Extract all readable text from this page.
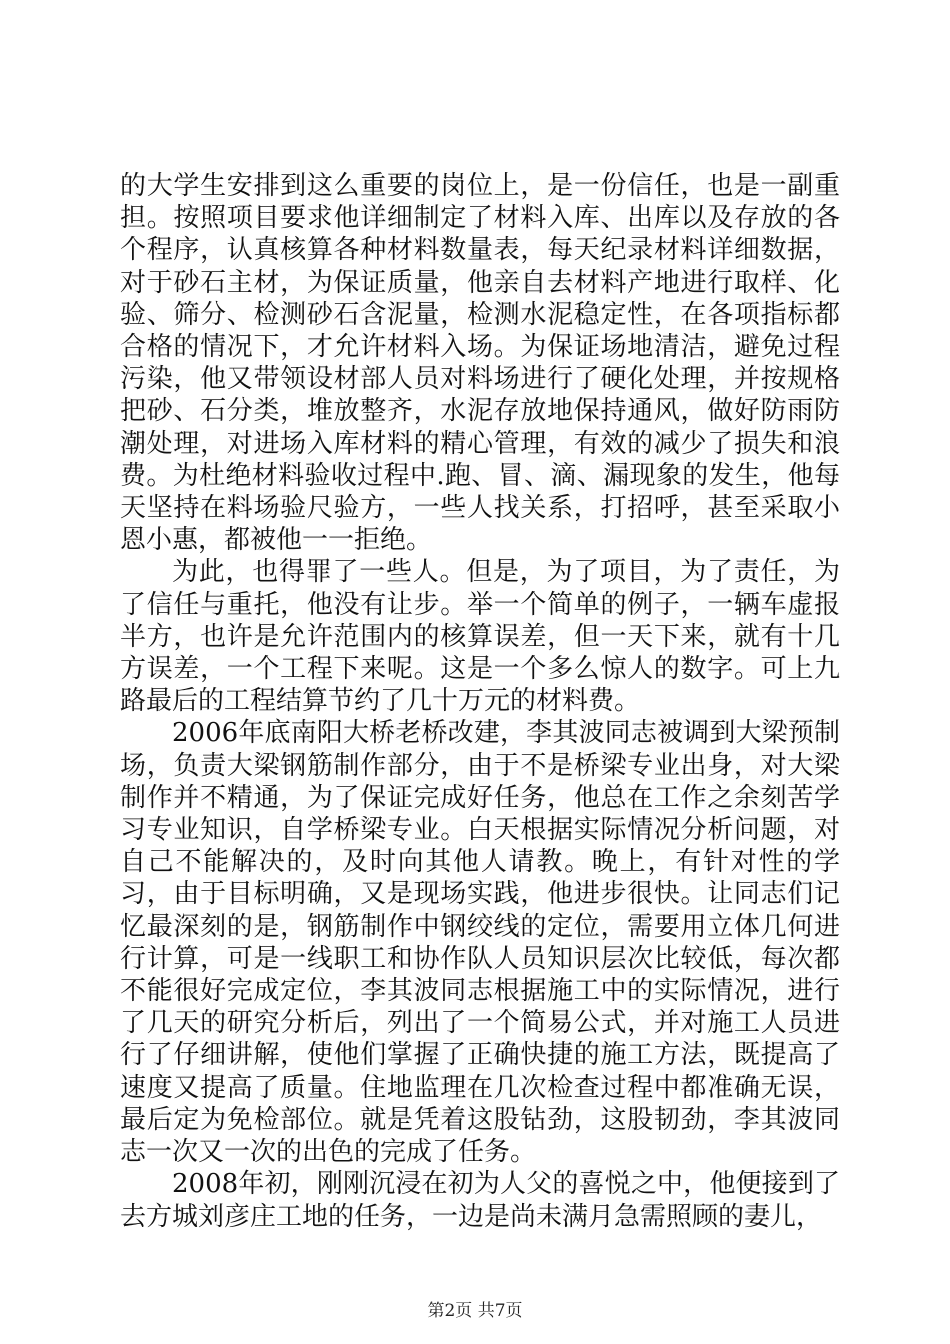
的大学生安排到这么重要的岗位上，是一份信任，也是一副重担。按照项目要求他详细制定了材料入库、出库以及存放的各个程序，认真核算各种材料数量表，每天纪录材料详细数据，对于砂石主材，为保证质量，他亲自去材料产地进行取样、化验、筛分、检测砂石含泥量，检测水泥稳定性，在各项指标都合格的情况下，才允许材料入场。为保证场地清洁，避免过程污染，他又带领设材部人员对料场进行了硬化处理，并按规格把砂、石分类，堆放整齐，水泥存放地保持通风，做好防雨防潮处理，对进场入库材料的精心管理，有效的减少了损失和浪费。为杜绝材料验收过程中.跑、冒、滴、漏现象的发生，他每天坚持在料场验尺验方，一些人找关系，打招呼，甚至采取小恩小惠，都被他一一拒绝。

为此，也得罪了一些人。但是，为了项目，为了责任，为了信任与重托，他没有让步。举一个简单的例子，一辆车虚报半方，也许是允许范围内的核算误差，但一天下来，就有十几方误差，一个工程下来呢。这是一个多么惊人的数字。可上九路最后的工程结算节约了几十万元的材料费。

2006年底南阳大桥老桥改建，李其波同志被调到大梁预制场，负责大梁钢筋制作部分，由于不是桥梁专业出身，对大梁制作并不精通，为了保证完成好任务，他总在工作之余刻苦学习专业知识，自学桥梁专业。白天根据实际情况分析问题，对自己不能解决的，及时向其他人请教。晚上，有针对性的学习，由于目标明确，又是现场实践，他进步很快。让同志们记忆最深刻的是，钢筋制作中钢绞线的定位，需要用立体几何进行计算，可是一线职工和协作队人员知识层次比较低，每次都不能很好完成定位，李其波同志根据施工中的实际情况，进行了几天的研究分析后，列出了一个简易公式，并对施工人员进行了仔细讲解，使他们掌握了正确快捷的施工方法，既提高了速度又提高了质量。住地监理在几次检查过程中都准确无误，最后定为免检部位。就是凭着这股钻劲，这股韧劲，李其波同志一次又一次的出色的完成了任务。

2008年初，刚刚沉浸在初为人父的喜悦之中，他便接到了去方城刘彦庄工地的任务，一边是尚未满月急需照顾的妻儿，

第2页 共7页
